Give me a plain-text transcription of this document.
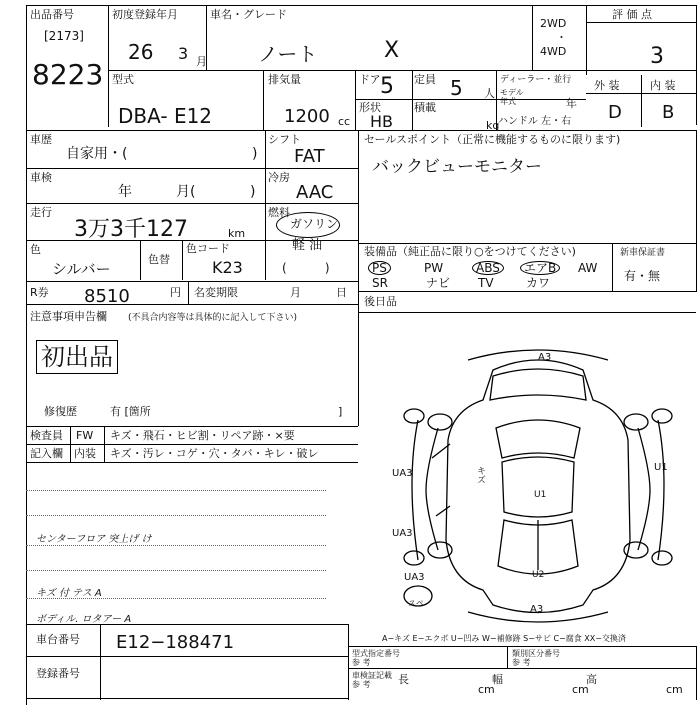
出品番号
[2173]
8223
初度登録年月
26 3 月
車名・グレード
ノート	X
2WD
・
4WD
評 価 点
3
型式
DBA- E12
排気量
1200 cc
ドア 5 定員 5 人
ディーラー・並行
モデル
年式	年
形状
HB
積載
kg
ハンドル 左・右
外 装	内 装
D B
車歴
自家用・(	)
シフト
FAT
車検
年	月(	)
冷房
AAC
走行
3万3千127	km
燃料
ガソリン
軽 油
(          )
色
シルバー
色替
色コード
K23
R券 8510	円 名変期限	月	日
セールスポイント（正常に機能するものに限ります)
バックビューモニター
装備品（純正品に限り○をつけてください)
PS	PW	ABS	エアB	AW
SR	ナビ TV	カワ
新車保証書
有・無
後日品
注意事項申告欄 (不具合内容等は具体的に記入して下さい)
初出品
修復歴	有 [箇所	]
検査員
記入欄
FW キズ・飛石・ヒビ割・リペア跡・×要
内装 キズ・汚レ・コゲ・穴・タバ・キレ・破レ
センターフロア 突上げ け
キズ 付 テス A
ボディル. ロタアー A
A3
UA3
UA3
UA3
U1
U1
U2
A3
キズ
スペ
A−キズ E−エクボ U−凹み W−補修跡 S−サビ C−腐食 XX−交換済
車台番号 E12−188471
登録番号
型式指定番号
参 考
類別区分番号
参 考
車検証記載
参 考	長
cm
幅
cm
高
cm
